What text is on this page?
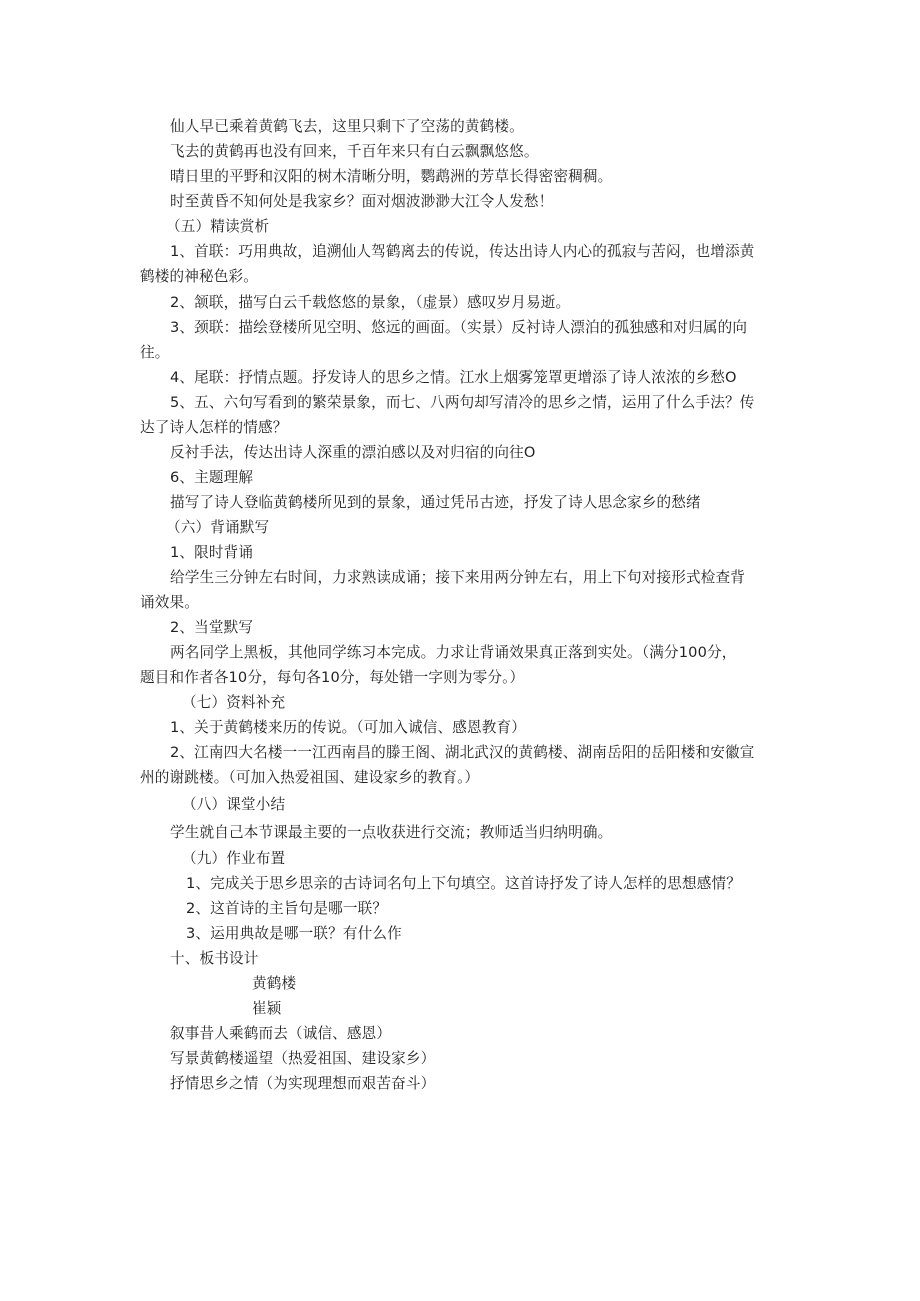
仙人早已乘着黄鹤飞去，这里只剩下了空荡的黄鹤楼。

飞去的黄鹤再也没有回来，千百年来只有白云飘飘悠悠。

晴日里的平野和汉阳的树木清晰分明，鹦鹉洲的芳草长得密密稠稠。

时至黄昏不知何处是我家乡？面对烟波渺渺大江令人发愁！

（五）精读赏析

1、首联：巧用典故，追溯仙人驾鹤离去的传说，传达出诗人内心的孤寂与苦闷，也增添黄

鹤楼的神秘色彩。

2、颔联，描写白云千载悠悠的景象，（虚景）感叹岁月易逝。

3、颈联：描绘登楼所见空明、悠远的画面。（实景）反衬诗人漂泊的孤独感和对归属的向

往。

4、尾联：抒情点题。抒发诗人的思乡之情。江水上烟雾笼罩更增添了诗人浓浓的乡愁O

5、五、六句写看到的繁荣景象，而七、八两句却写清冷的思乡之情，运用了什么手法？传

达了诗人怎样的情感？

反衬手法，传达出诗人深重的漂泊感以及对归宿的向往O

6、主题理解

描写了诗人登临黄鹤楼所见到的景象，通过凭吊古迹，抒发了诗人思念家乡的愁绪

（六）背诵默写

1、限时背诵

给学生三分钟左右时间，力求熟读成诵；接下来用两分钟左右，用上下句对接形式检查背

诵效果。

2、当堂默写

两名同学上黑板，其他同学练习本完成。力求让背诵效果真正落到实处。（满分100分，

题目和作者各10分，每句各10分，每处错一字则为零分。）

（七）资料补充

1、关于黄鹤楼来历的传说。（可加入诚信、感恩教育）

2、江南四大名楼一一江西南昌的滕王阁、湖北武汉的黄鹤楼、湖南岳阳的岳阳楼和安徽宣

州的谢跳楼。（可加入热爱祖国、建设家乡的教育。）

（八）课堂小结

学生就自己本节课最主要的一点收获进行交流；教师适当归纳明确。

（九）作业布置

1、完成关于思乡思亲的古诗词名句上下句填空。这首诗抒发了诗人怎样的思想感情？

2、这首诗的主旨句是哪一联？

3、运用典故是哪一联？有什么作

十、板书设计

黄鹤楼

崔颍

叙事昔人乘鹤而去（诚信、感恩）

写景黄鹤楼遥望（热爱祖国、建设家乡）

抒情思乡之情（为实现理想而艰苦奋斗）
